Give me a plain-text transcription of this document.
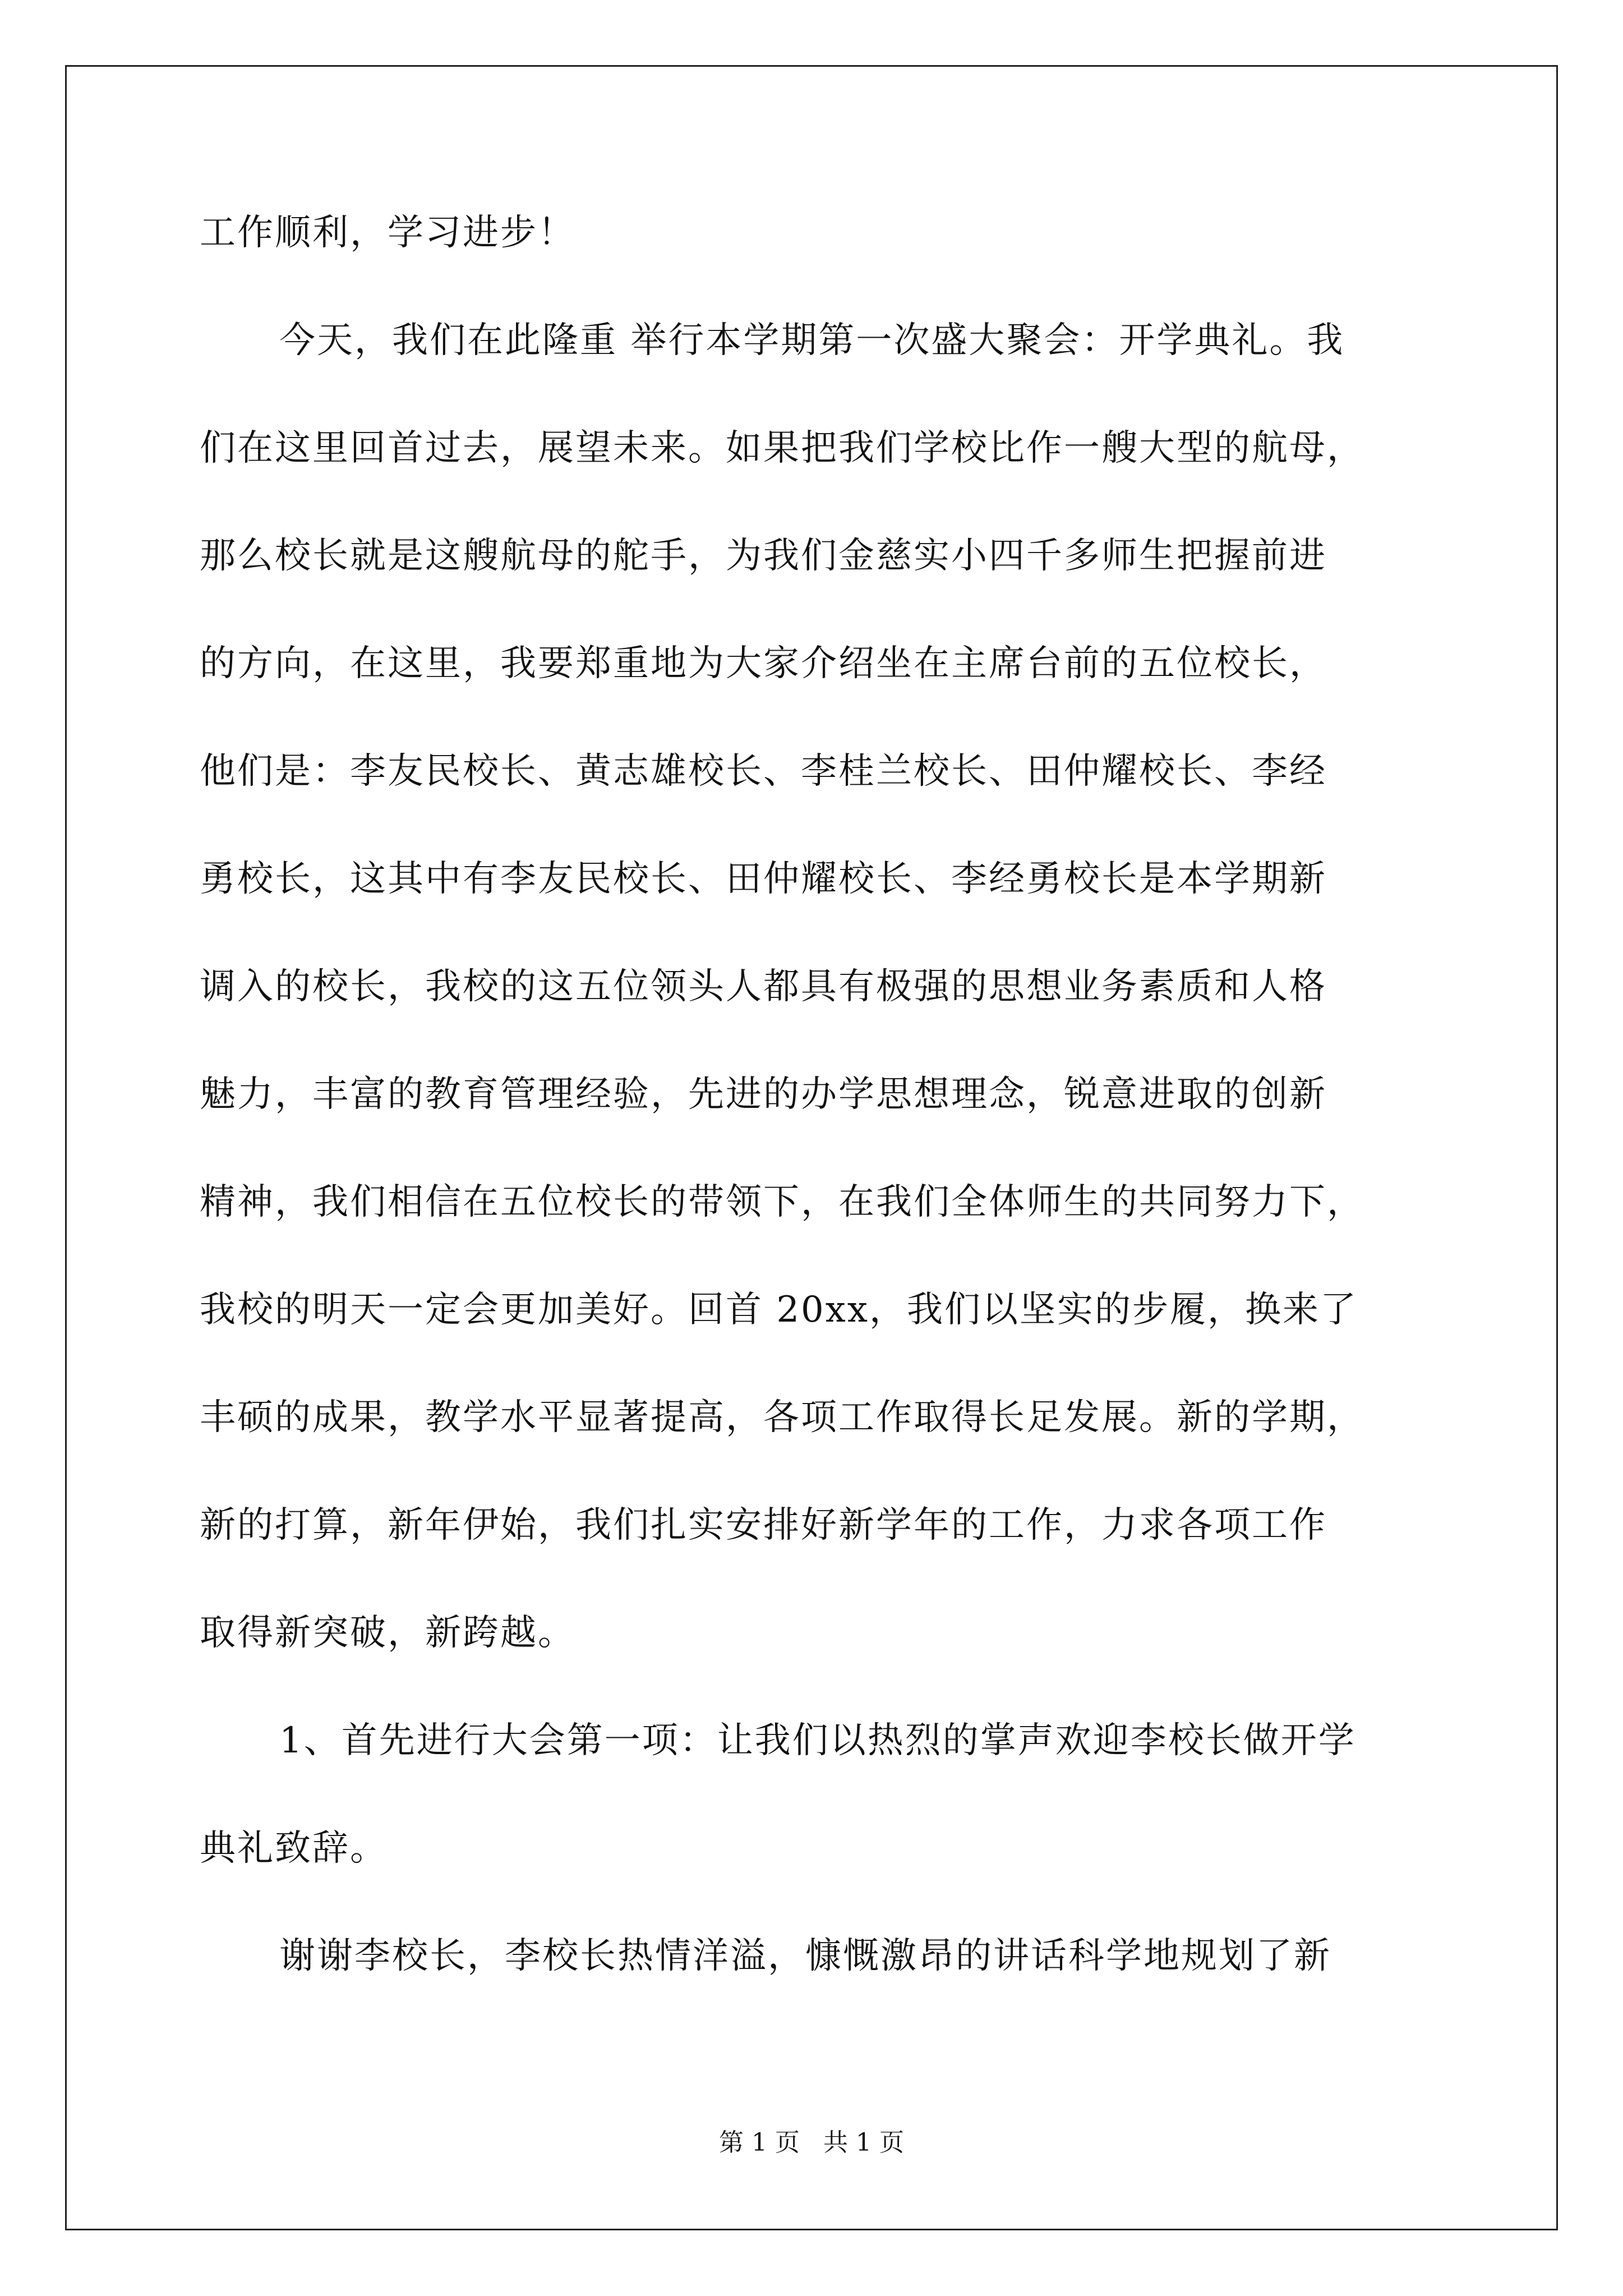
工作顺利，学习进步！
今天，我们在此隆重 举行本学期第一次盛大聚会：开学典礼。我
们在这里回首过去，展望未来。如果把我们学校比作一艘大型的航母，
那么校长就是这艘航母的舵手，为我们金慈实小四千多师生把握前进
的方向，在这里，我要郑重地为大家介绍坐在主席台前的五位校长，
他们是：李友民校长、黄志雄校长、李桂兰校长、田仲耀校长、李经
勇校长，这其中有李友民校长、田仲耀校长、李经勇校长是本学期新
调入的校长，我校的这五位领头人都具有极强的思想业务素质和人格
魅力，丰富的教育管理经验，先进的办学思想理念，锐意进取的创新
精神，我们相信在五位校长的带领下，在我们全体师生的共同努力下，
我校的明天一定会更加美好。回首 20xx，我们以坚实的步履，换来了
丰硕的成果，教学水平显著提高，各项工作取得长足发展。新的学期，
新的打算，新年伊始，我们扎实安排好新学年的工作，力求各项工作
取得新突破，新跨越。
1、首先进行大会第一项：让我们以热烈的掌声欢迎李校长做开学
典礼致辞。
谢谢李校长，李校长热情洋溢，慷慨激昂的讲话科学地规划了新
第 1 页   共 1 页
